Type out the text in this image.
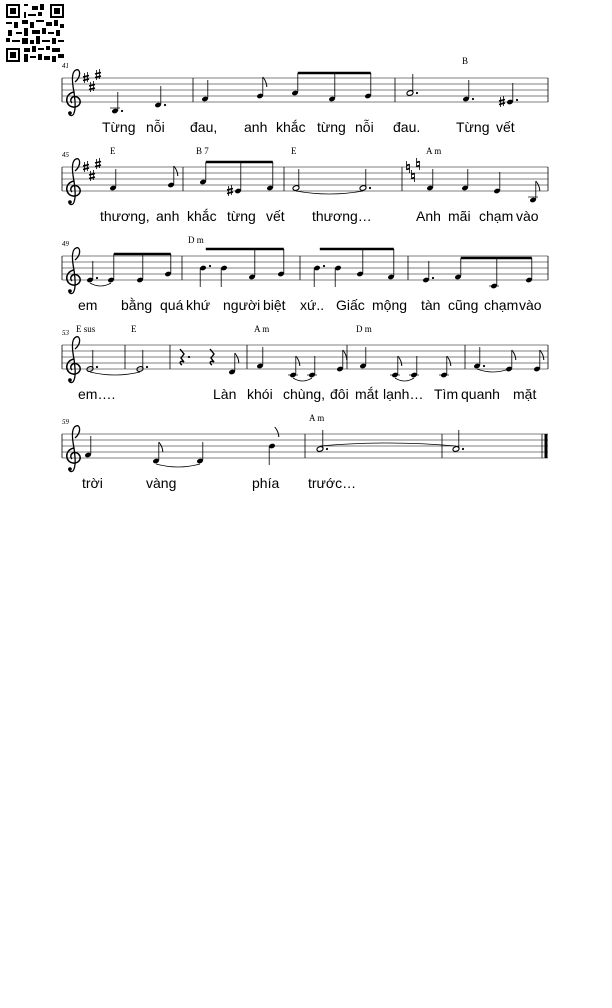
41
45
49
53
59
B
E	B 7	E	A m
D m
E sus	E	A m	D m
A m
Từng nỗi đau, anh khắc từng nỗi đau.	Từng vết
thương, anh khắc từng vết thương…	Anh mãi chạm vào
em bằng quá khứ người biệt xứ.. Giấc mộng tàn cũng chạm vào
em….	Làn khói chùng, đôi mắt lạnh… Tìm quanh mặt
trời	vàng	phía trước…
